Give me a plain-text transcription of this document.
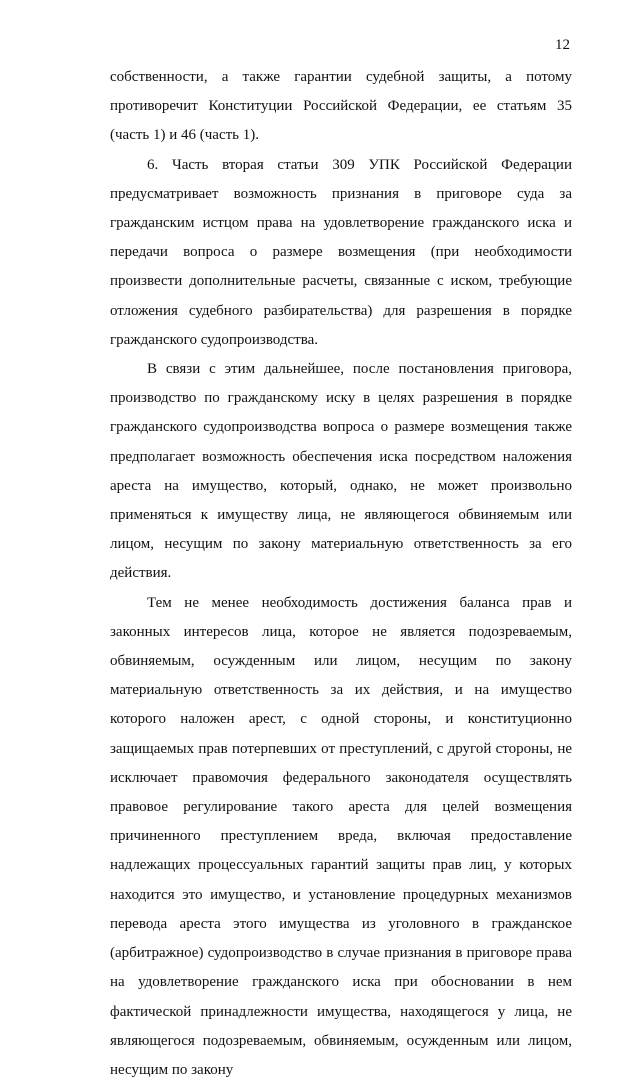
12

собственности, а также гарантии судебной защиты, а потому противоречит Конституции Российской Федерации, ее статьям 35 (часть 1) и 46 (часть 1).

6. Часть вторая статьи 309 УПК Российской Федерации предусматривает возможность признания в приговоре суда за гражданским истцом права на удовлетворение гражданского иска и передачи вопроса о размере возмещения (при необходимости произвести дополнительные расчеты, связанные с иском, требующие отложения судебного разбирательства) для разрешения в порядке гражданского судопроизводства.

В связи с этим дальнейшее, после постановления приговора, производство по гражданскому иску в целях разрешения в порядке гражданского судопроизводства вопроса о размере возмещения также предполагает возможность обеспечения иска посредством наложения ареста на имущество, который, однако, не может произвольно применяться к имуществу лица, не являющегося обвиняемым или лицом, несущим по закону материальную ответственность за его действия.

Тем не менее необходимость достижения баланса прав и законных интересов лица, которое не является подозреваемым, обвиняемым, осужденным или лицом, несущим по закону материальную ответственность за их действия, и на имущество которого наложен арест, с одной стороны, и конституционно защищаемых прав потерпевших от преступлений, с другой стороны, не исключает правомочия федерального законодателя осуществлять правовое регулирование такого ареста для целей возмещения причиненного преступлением вреда, включая предоставление надлежащих процессуальных гарантий защиты прав лиц, у которых находится это имущество, и установление процедурных механизмов перевода ареста этого имущества из уголовного в гражданское (арбитражное) судопроизводство в случае признания в приговоре права на удовлетворение гражданского иска при обосновании в нем фактической принадлежности имущества, находящегося у лица, не являющегося подозреваемым, обвиняемым, осужденным или лицом, несущим по закону
